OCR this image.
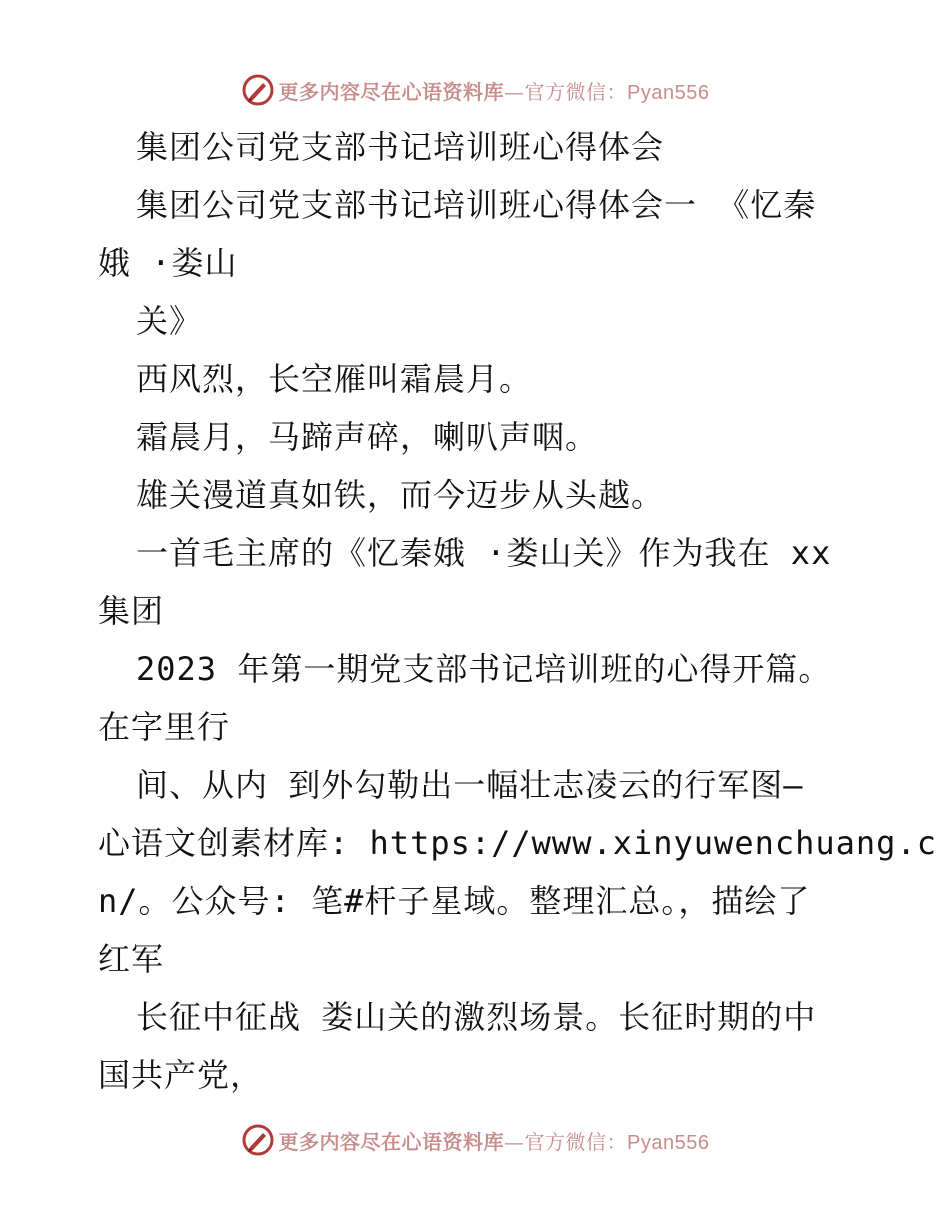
更多内容尽在心语资料库—官方微信：Pyan556
集团公司党支部书记培训班心得体会
集团公司党支部书记培训班心得体会一 《忆秦
娥 ·娄山
关》
西风烈，长空雁叫霜晨月。
霜晨月，马蹄声碎，喇叭声咽。
雄关漫道真如铁，而今迈步从头越。
一首毛主席的《忆秦娥 ·娄山关》作为我在 xx
集团
2023 年第一期党支部书记培训班的心得开篇。
在字里行
间、从内 到外勾勒出一幅壮志凌云的行军图—
心语文创素材库: https://www.xinyuwenchuang.c
n/。公众号: 笔#杆子星域。整理汇总。，描绘了
红军
长征中征战 娄山关的激烈场景。长征时期的中
国共产党，
更多内容尽在心语资料库—官方微信：Pyan556
